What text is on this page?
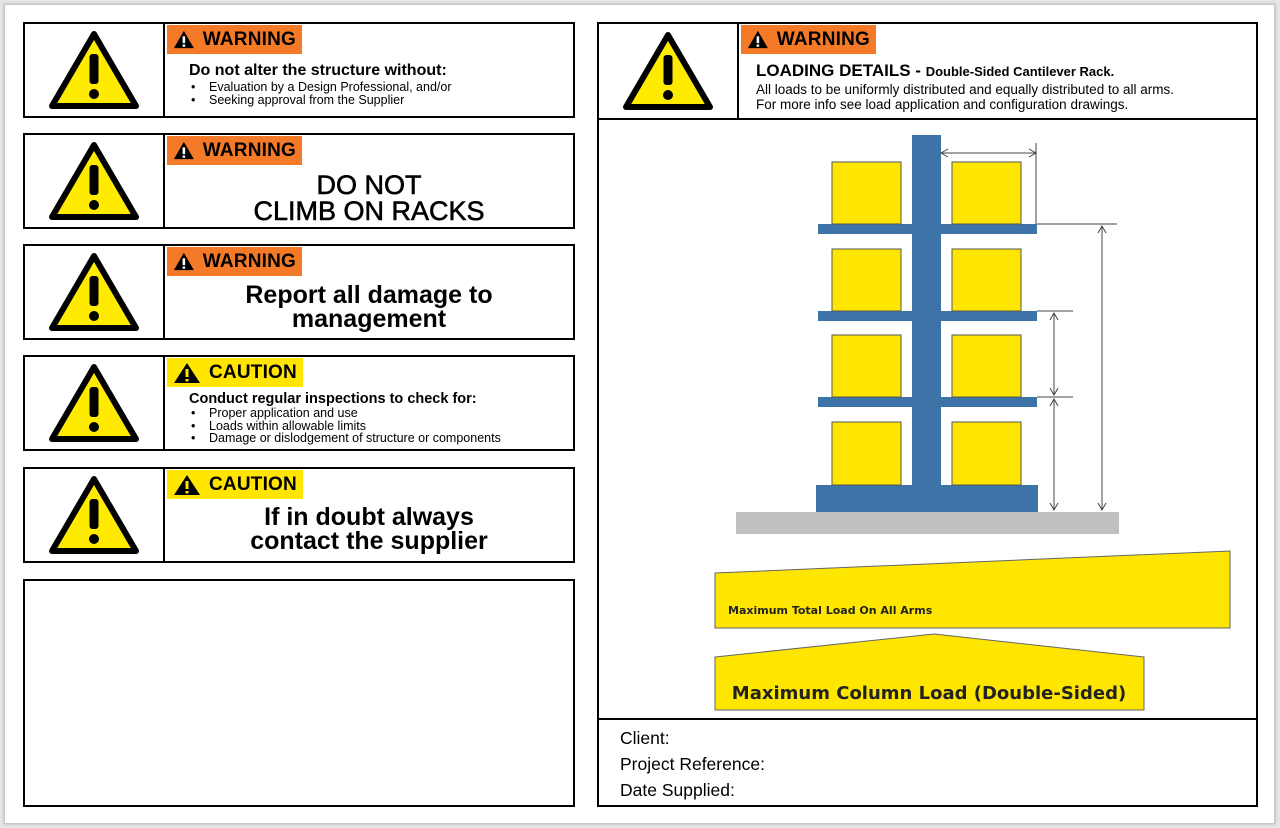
WARNING
Do not alter the structure without:
• Evaluation by a Design Professional, and/or
• Seeking approval from the Supplier
WARNING
DO NOT
CLIMB ON RACKS
WARNING
Report all damage to
management
CAUTION
Conduct regular inspections to check for:
• Proper application and use
• Loads within allowable limits
• Damage or dislodgement of structure or components
CAUTION
If in doubt always
contact the supplier
WARNING
LOADING DETAILS - Double-Sided Cantilever Rack.
All loads to be uniformly distributed and equally distributed to all arms.
For more info see load application and configuration drawings.
Maximum Total Load On All Arms
Maximum Column Load (Double-Sided)
Client:
Project Reference:
Date Supplied:
